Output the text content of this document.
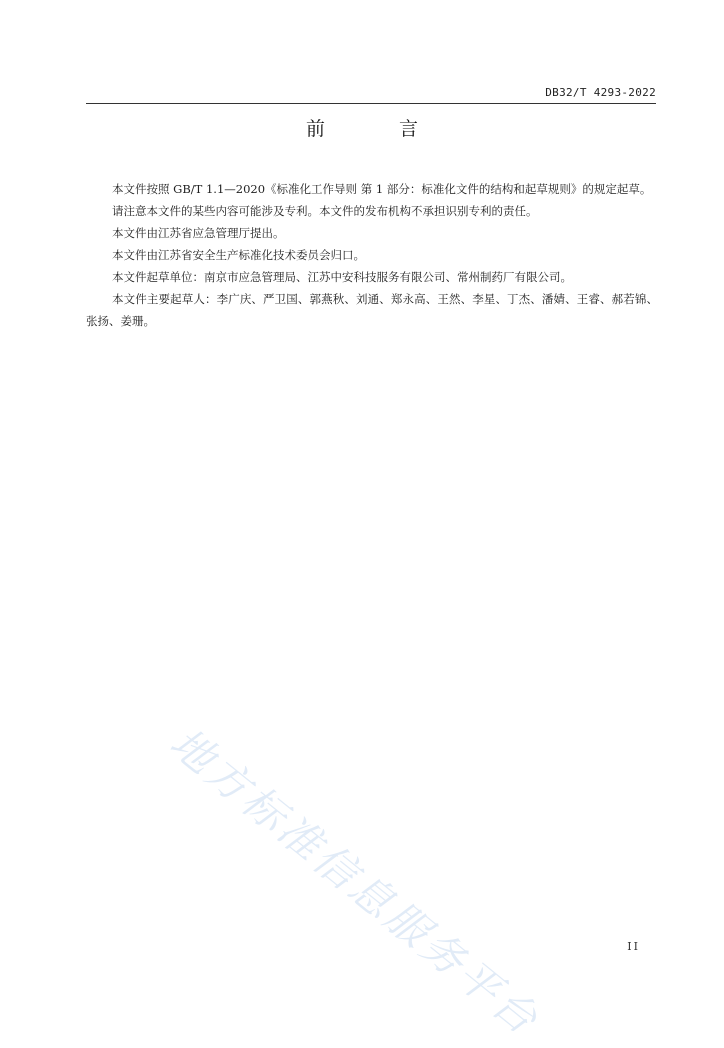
DB32/T 4293-2022
前 言

本文件按照 GB/T 1.1—2020《标准化工作导则 第 1 部分：标准化文件的结构和起草规则》的规定起草。

请注意本文件的某些内容可能涉及专利。本文件的发布机构不承担识别专利的责任。

本文件由江苏省应急管理厅提出。

本文件由江苏省安全生产标准化技术委员会归口。

本文件起草单位：南京市应急管理局、江苏中安科技服务有限公司、常州制药厂有限公司。

本文件主要起草人：李广庆、严卫国、郭燕秋、刘通、郑永高、王然、李星、丁杰、潘婧、王睿、郝若锦、张扬、姜珊。

地方标准信息服务平台	II
